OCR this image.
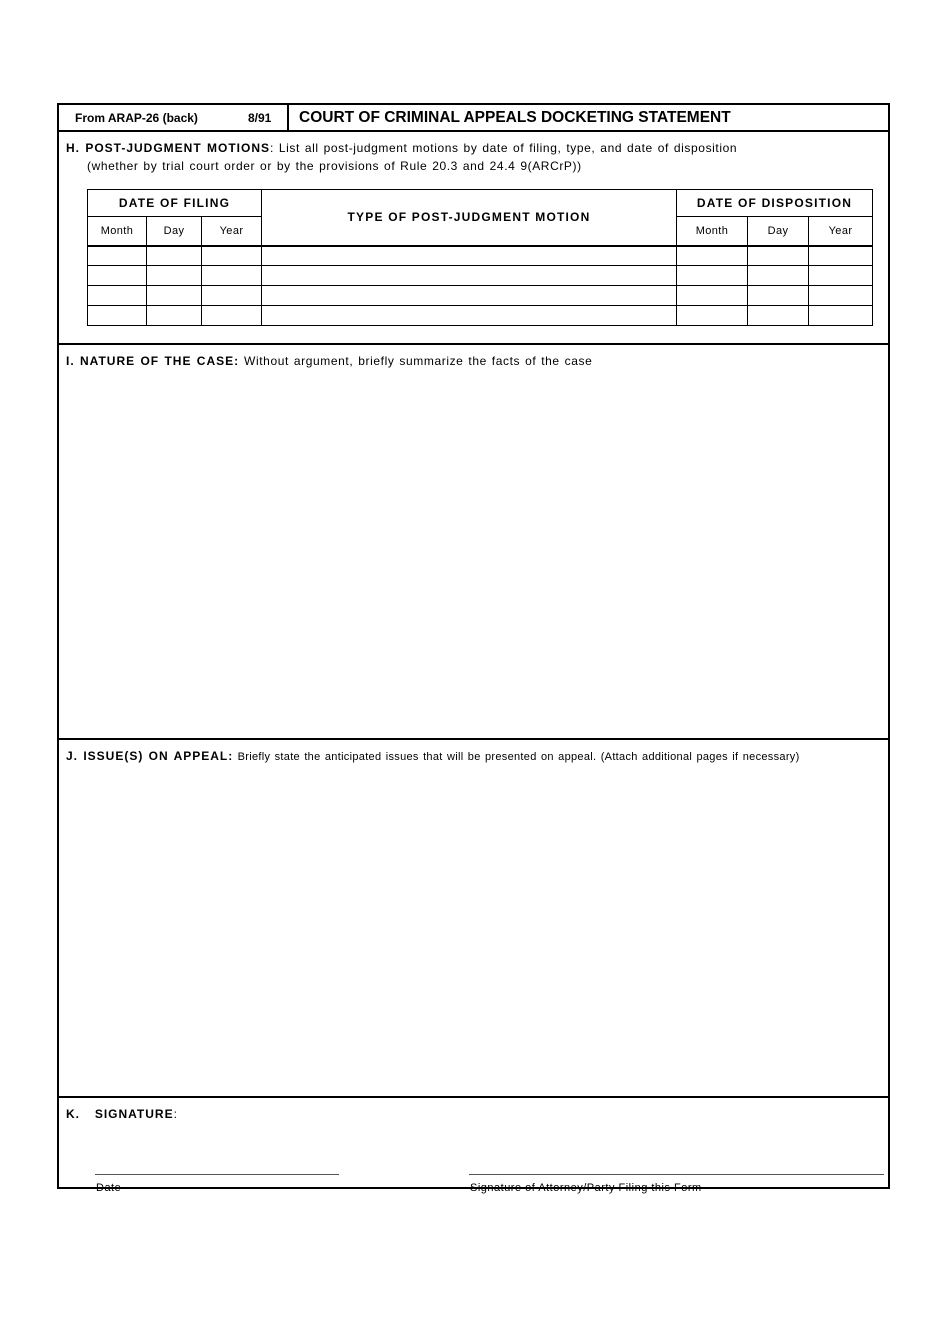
From ARAP-26 (back)	8/91 COURT OF CRIMINAL APPEALS DOCKETING STATEMENT
H. POST-JUDGMENT MOTIONS: List all post-judgment motions by date of filing, type, and date of disposition
(whether by trial court order or by the provisions of Rule 20.3 and 24.4 9(ARCrP))
DATE OF FILING			TYPE OF POST-JUDGMENT MOTION	DATE OF DISPOSITION		
Month	Day	Year		Month	Day	Year

I. NATURE OF THE CASE: Without argument, briefly summarize the facts of the case
J. ISSUE(S) ON APPEAL: Briefly state the anticipated issues that will be presented on appeal. (Attach additional pages if necessary)
K. SIGNATURE:
Date	Signature of Attorney/Party Filing this Form
